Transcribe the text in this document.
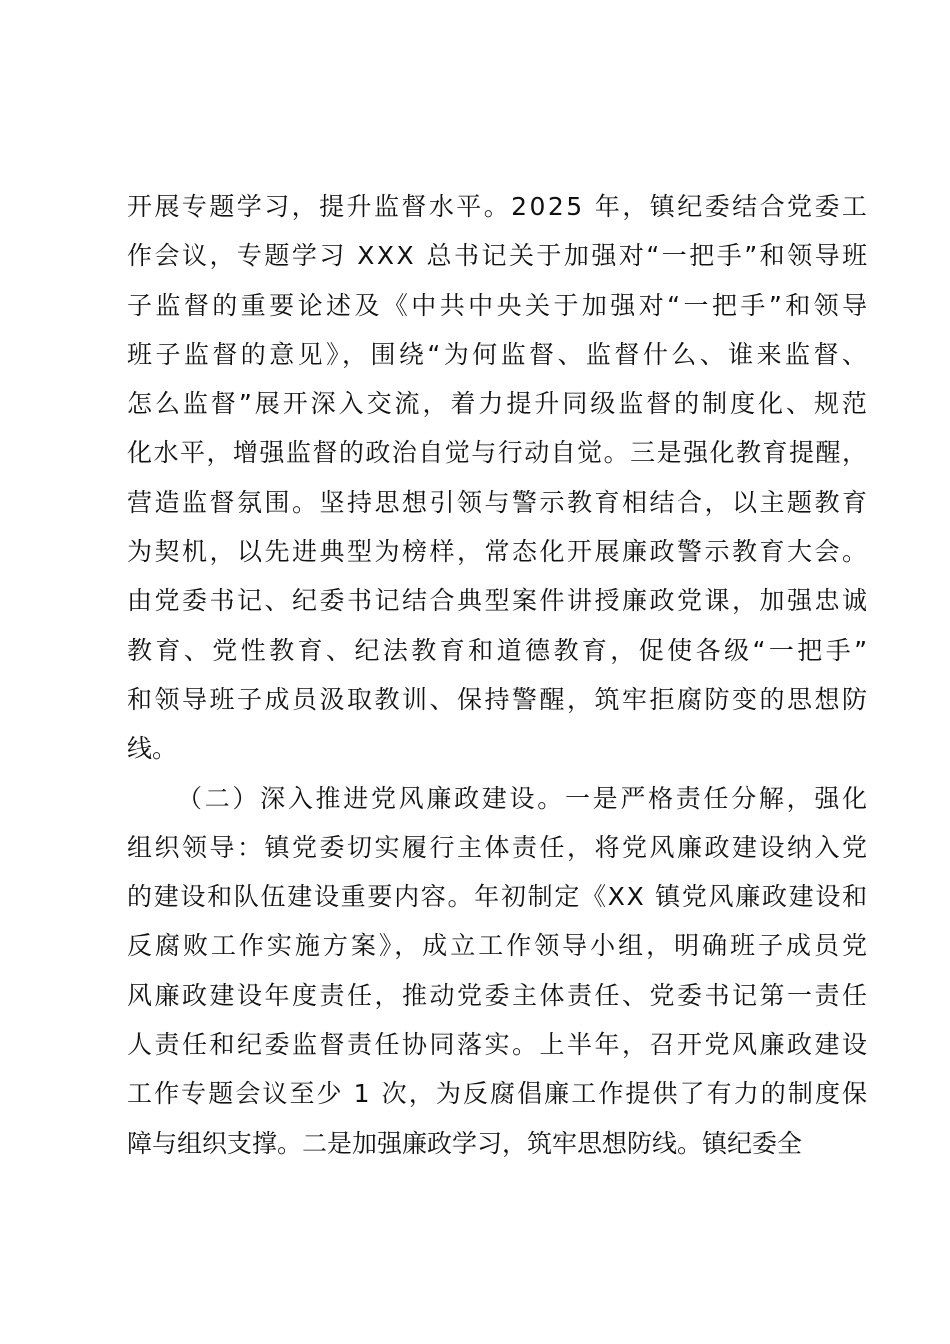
开展专题学习，提升监督水平。2025 年，镇纪委结合党委工
作会议，专题学习 XXX 总书记关于加强对“一把手”和领导班
子监督的重要论述及《中共中央关于加强对“一把手”和领导
班子监督的意见》，围绕“为何监督、监督什么、谁来监督、
怎么监督”展开深入交流，着力提升同级监督的制度化、规范
化水平，增强监督的政治自觉与行动自觉。三是强化教育提醒，
营造监督氛围。坚持思想引领与警示教育相结合，以主题教育
为契机，以先进典型为榜样，常态化开展廉政警示教育大会。
由党委书记、纪委书记结合典型案件讲授廉政党课，加强忠诚
教育、党性教育、纪法教育和道德教育，促使各级“一把手”
和领导班子成员汲取教训、保持警醒，筑牢拒腐防变的思想防
线。
（二）深入推进党风廉政建设。一是严格责任分解，强化
组织领导：镇党委切实履行主体责任，将党风廉政建设纳入党
的建设和队伍建设重要内容。年初制定《XX 镇党风廉政建设和
反腐败工作实施方案》，成立工作领导小组，明确班子成员党
风廉政建设年度责任，推动党委主体责任、党委书记第一责任
人责任和纪委监督责任协同落实。上半年，召开党风廉政建设
工作专题会议至少 1 次，为反腐倡廉工作提供了有力的制度保
障与组织支撑。二是加强廉政学习，筑牢思想防线。镇纪委全
